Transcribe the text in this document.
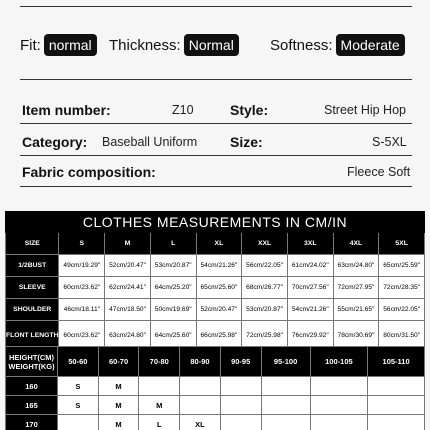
Fit: normal	Thickness: Normal	Softness: Moderate
Item number:	Z10	Style:	Street Hip Hop
Category: Baseball Uniform Size:	S-5XL
Fabric composition:	Fleece Soft
CLOTHES MEASUREMENTS IN CM/IN								
SIZE	S	M	L	XL	XXL	3XL	4XL	5XL
1/2BUST	49cm/19.29"	52cm/20.47"	53cm/20.87"	54cm/21.26"	56cm/22.05"	61cm/24.02"	63cm/24.80"	65cm/25.59"
SLEEVE	60cm/23.62"	62cm/24.41"	64cm/25.20"	65cm/25.60"	68cm/26.77"	70cm/27.56"	72cm/27.95"	72cm/28.35"
SHOULDER	46cm/18.11"	47cm/18.50"	50cm/19.69"	52cm/20.47"	53cm/20.87"	54cm/21.26"	55cm/21.65"	56cm/22.05"
FLONT LENGTH	60cm/23.62"	63cm/24.80"	64cm/25.60"	66cm/25.98"	72cm/25.98"	76cm/29.92"	78cm/30.69"	80cm/31.50"
HEIGHT(CM) WEIGHT(KG)	50-60	60-70	70-80	80-90	90-95	95-100	100-105	105-110
160	S	M						
165	S	M	M					
170		M	L	XL				
